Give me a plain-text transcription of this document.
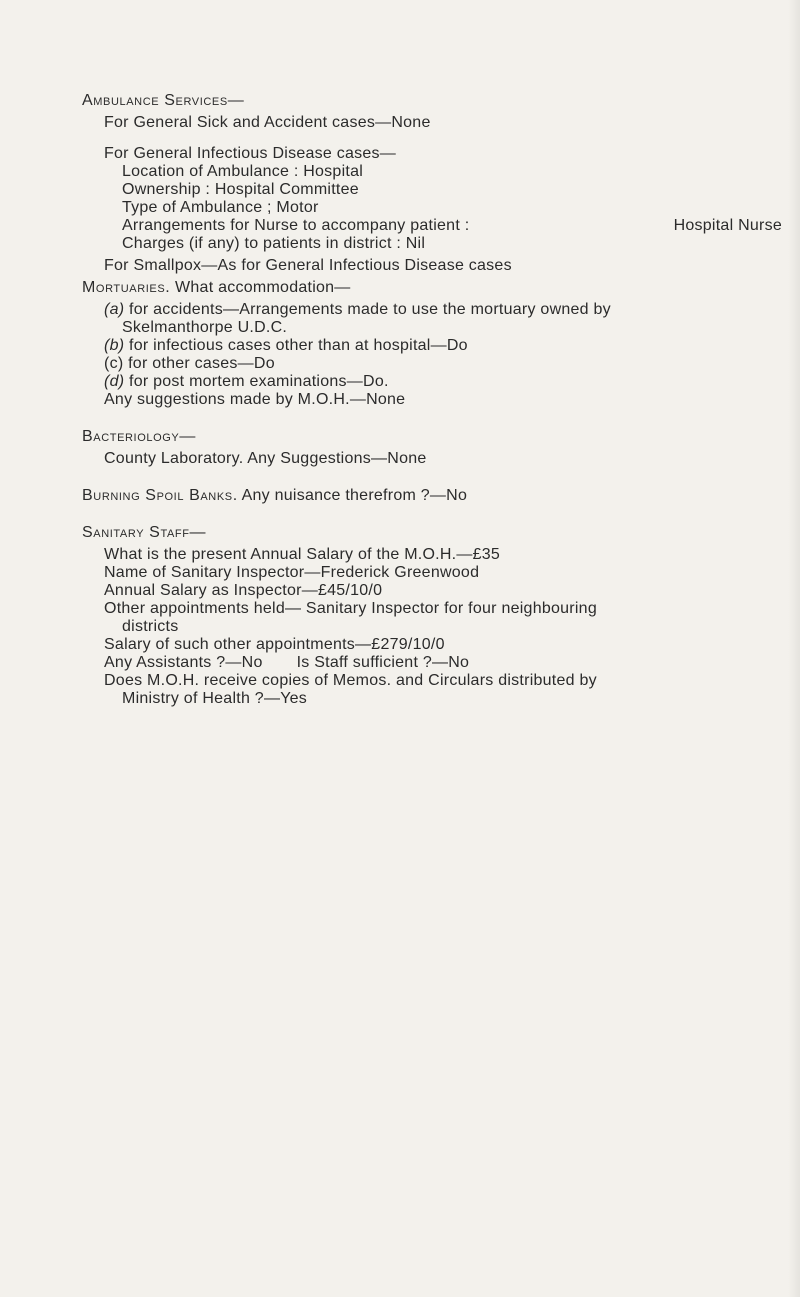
Ambulance Services—
For General Sick and Accident cases—None
For General Infectious Disease cases—
Location of Ambulance : Hospital
Ownership : Hospital Committee
Type of Ambulance ; Motor
Arrangements for Nurse to accompany patient :	Hospital Nurse
Charges (if any) to patients in district : Nil
For Smallpox—As for General Infectious Disease cases
Mortuaries. What accommodation—
(a) for accidents—Arrangements made to use the mortuary owned by
Skelmanthorpe U.D.C.
(b) for infectious cases other than at hospital—Do
(c) for other cases—Do
(d) for post mortem examinations—Do.
Any suggestions made by M.O.H.—None
Bacteriology—
County Laboratory. Any Suggestions—None
Burning Spoil Banks. Any nuisance therefrom ?—No
Sanitary Staff—
What is the present Annual Salary of the M.O.H.—£35
Name of Sanitary Inspector—Frederick Greenwood
Annual Salary as Inspector—£45/10/0
Other appointments held— Sanitary Inspector for four neighbouring
districts
Salary of such other appointments—£279/10/0
Any Assistants ?—No Is Staff sufficient ?—No
Does M.O.H. receive copies of Memos. and Circulars distributed by
Ministry of Health ?—Yes
